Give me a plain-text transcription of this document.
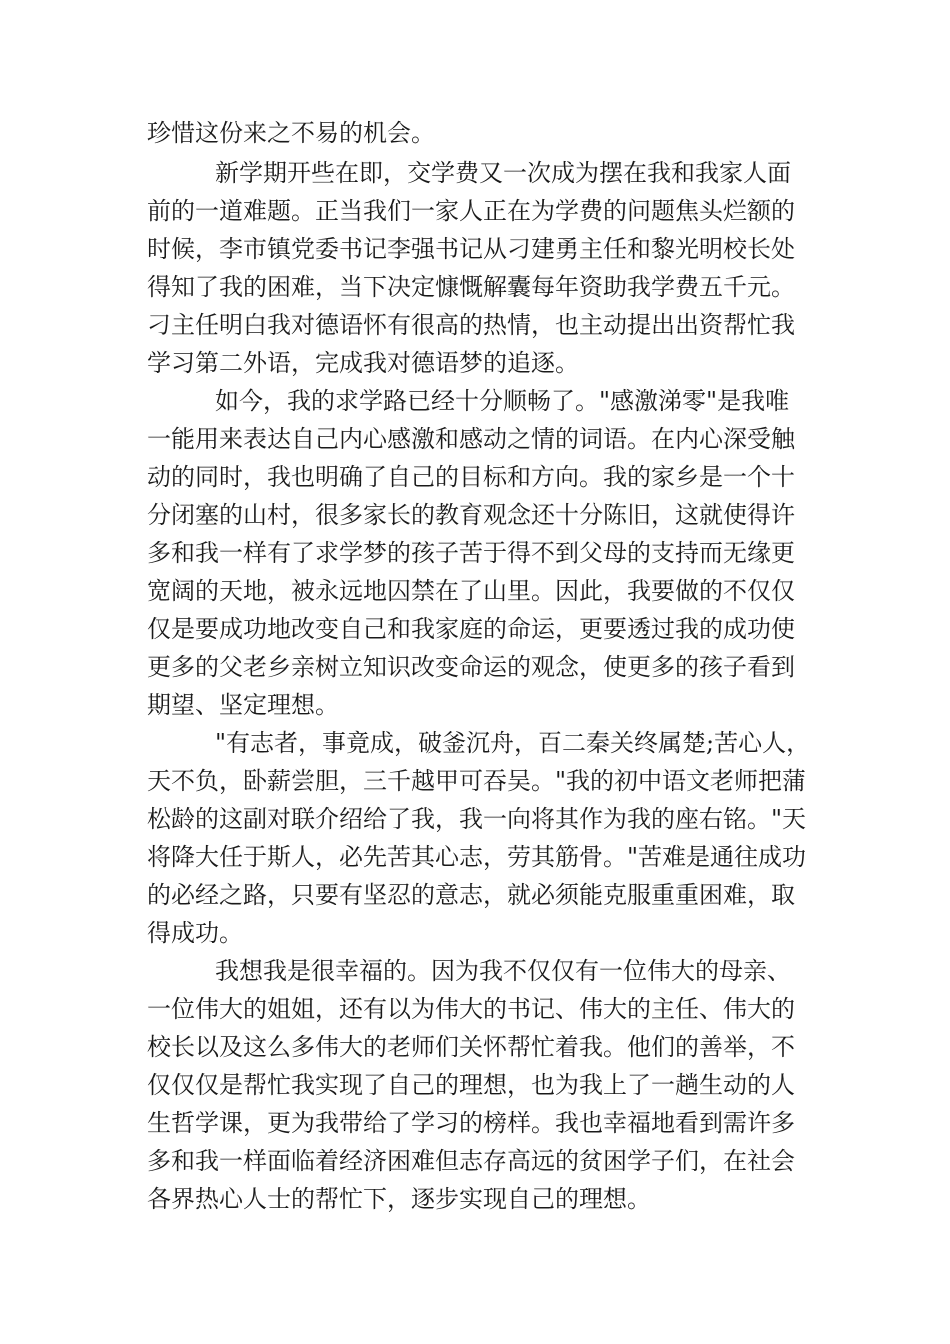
珍惜这份来之不易的机会。

新学期开些在即，交学费又一次成为摆在我和我家人面

前的一道难题。正当我们一家人正在为学费的问题焦头烂额的

时候，李市镇党委书记李强书记从刁建勇主任和黎光明校长处

得知了我的困难，当下决定慷慨解囊每年资助我学费五千元。

刁主任明白我对德语怀有很高的热情，也主动提出出资帮忙我

学习第二外语，完成我对德语梦的追逐。

如今，我的求学路已经十分顺畅了。"感激涕零"是我唯

一能用来表达自己内心感激和感动之情的词语。在内心深受触

动的同时，我也明确了自己的目标和方向。我的家乡是一个十

分闭塞的山村，很多家长的教育观念还十分陈旧，这就使得许

多和我一样有了求学梦的孩子苦于得不到父母的支持而无缘更

宽阔的天地，被永远地囚禁在了山里。因此，我要做的不仅仅

仅是要成功地改变自己和我家庭的命运，更要透过我的成功使

更多的父老乡亲树立知识改变命运的观念，使更多的孩子看到

期望、坚定理想。

"有志者，事竟成，破釜沉舟，百二秦关终属楚;苦心人，

天不负，卧薪尝胆，三千越甲可吞吴。"我的初中语文老师把蒲

松龄的这副对联介绍给了我，我一向将其作为我的座右铭。"天

将降大任于斯人，必先苦其心志，劳其筋骨。"苦难是通往成功

的必经之路，只要有坚忍的意志，就必须能克服重重困难，取

得成功。

我想我是很幸福的。因为我不仅仅有一位伟大的母亲、

一位伟大的姐姐，还有以为伟大的书记、伟大的主任、伟大的

校长以及这么多伟大的老师们关怀帮忙着我。他们的善举，不

仅仅仅是帮忙我实现了自己的理想，也为我上了一趟生动的人

生哲学课，更为我带给了学习的榜样。我也幸福地看到需许多

多和我一样面临着经济困难但志存高远的贫困学子们，在社会

各界热心人士的帮忙下，逐步实现自己的理想。
